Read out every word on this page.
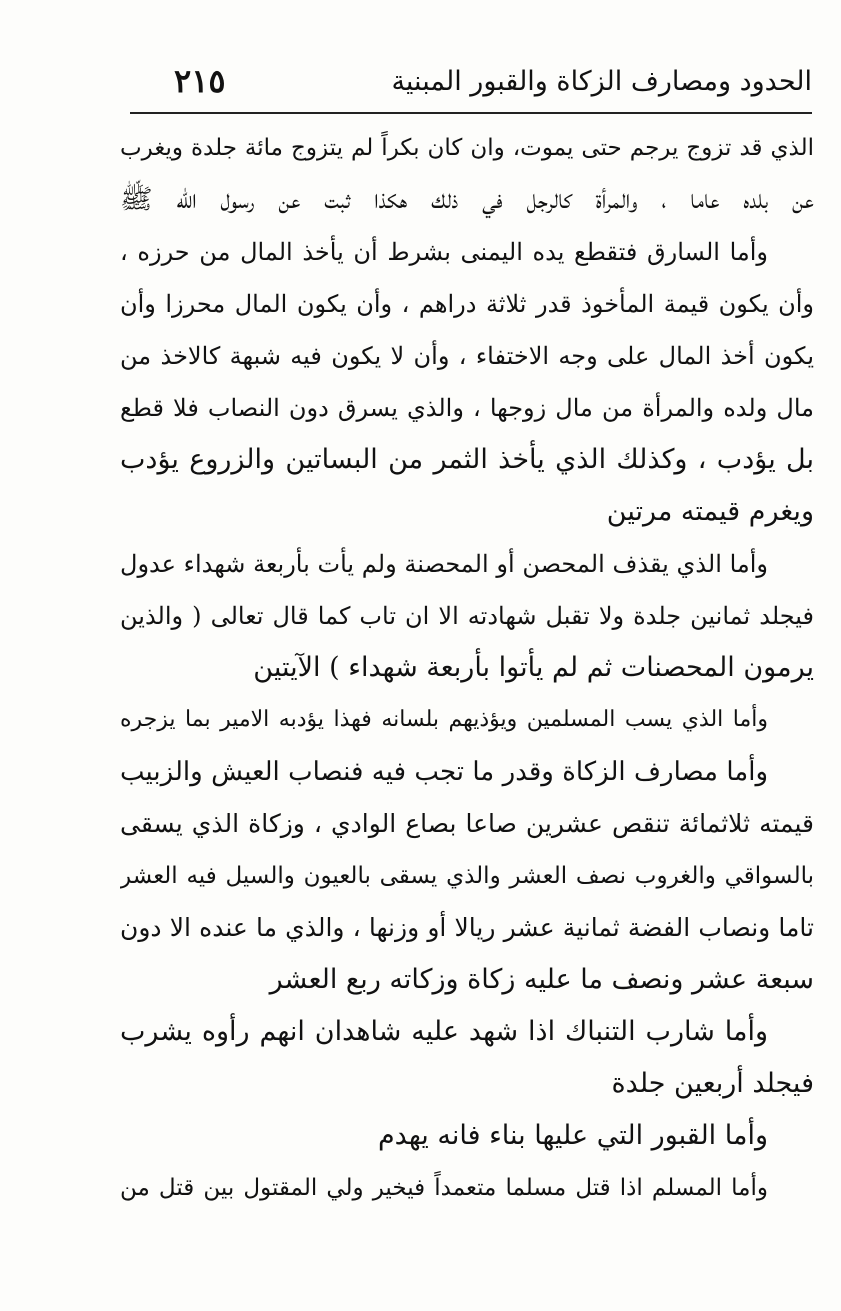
الحدود ومصارف الزكاة والقبور المبنية
٢١٥
الذي قد تزوج يرجم حتى يموت، وان كان بكراً لم يتزوج مائة جلدة ويغرب
عن بلده عاما ، والمرأة كالرجل في ذلك هكذا ثبت عن رسول الله ﷺ
وأما السارق فتقطع يده اليمنى بشرط أن يأخذ المال من حرزه ،
وأن يكون قيمة المأخوذ قدر ثلاثة دراهم ، وأن يكون المال محرزا وأن
يكون أخذ المال على وجه الاختفاء ، وأن لا يكون فيه شبهة كالاخذ من
مال ولده والمرأة من مال زوجها ، والذي يسرق دون النصاب فلا قطع
بل يؤدب ، وكذلك الذي يأخذ الثمر من البساتين والزروع يؤدب
ويغرم قيمته مرتين
وأما الذي يقذف المحصن أو المحصنة ولم يأت بأربعة شهداء عدول
فيجلد ثمانين جلدة ولا تقبل شهادته الا ان تاب كما قال تعالى ( والذين
يرمون المحصنات ثم لم يأتوا بأربعة شهداء ) الآيتين
وأما الذي يسب المسلمين ويؤذيهم بلسانه فهذا يؤدبه الامير بما يزجره
وأما مصارف الزكاة وقدر ما تجب فيه فنصاب العيش والزبيب
قيمته ثلاثمائة تنقص عشرين صاعا بصاع الوادي ، وزكاة الذي يسقى
بالسواقي والغروب نصف العشر والذي يسقى بالعيون والسيل فيه العشر
تاما ونصاب الفضة ثمانية عشر ريالا أو وزنها ، والذي ما عنده الا دون
سبعة عشر ونصف ما عليه زكاة وزكاته ربع العشر
وأما شارب التنباك اذا شهد عليه شاهدان انهم رأوه يشرب
فيجلد أربعين جلدة
وأما القبور التي عليها بناء فانه يهدم
وأما المسلم اذا قتل مسلما متعمداً فيخير ولي المقتول بين قتل من
